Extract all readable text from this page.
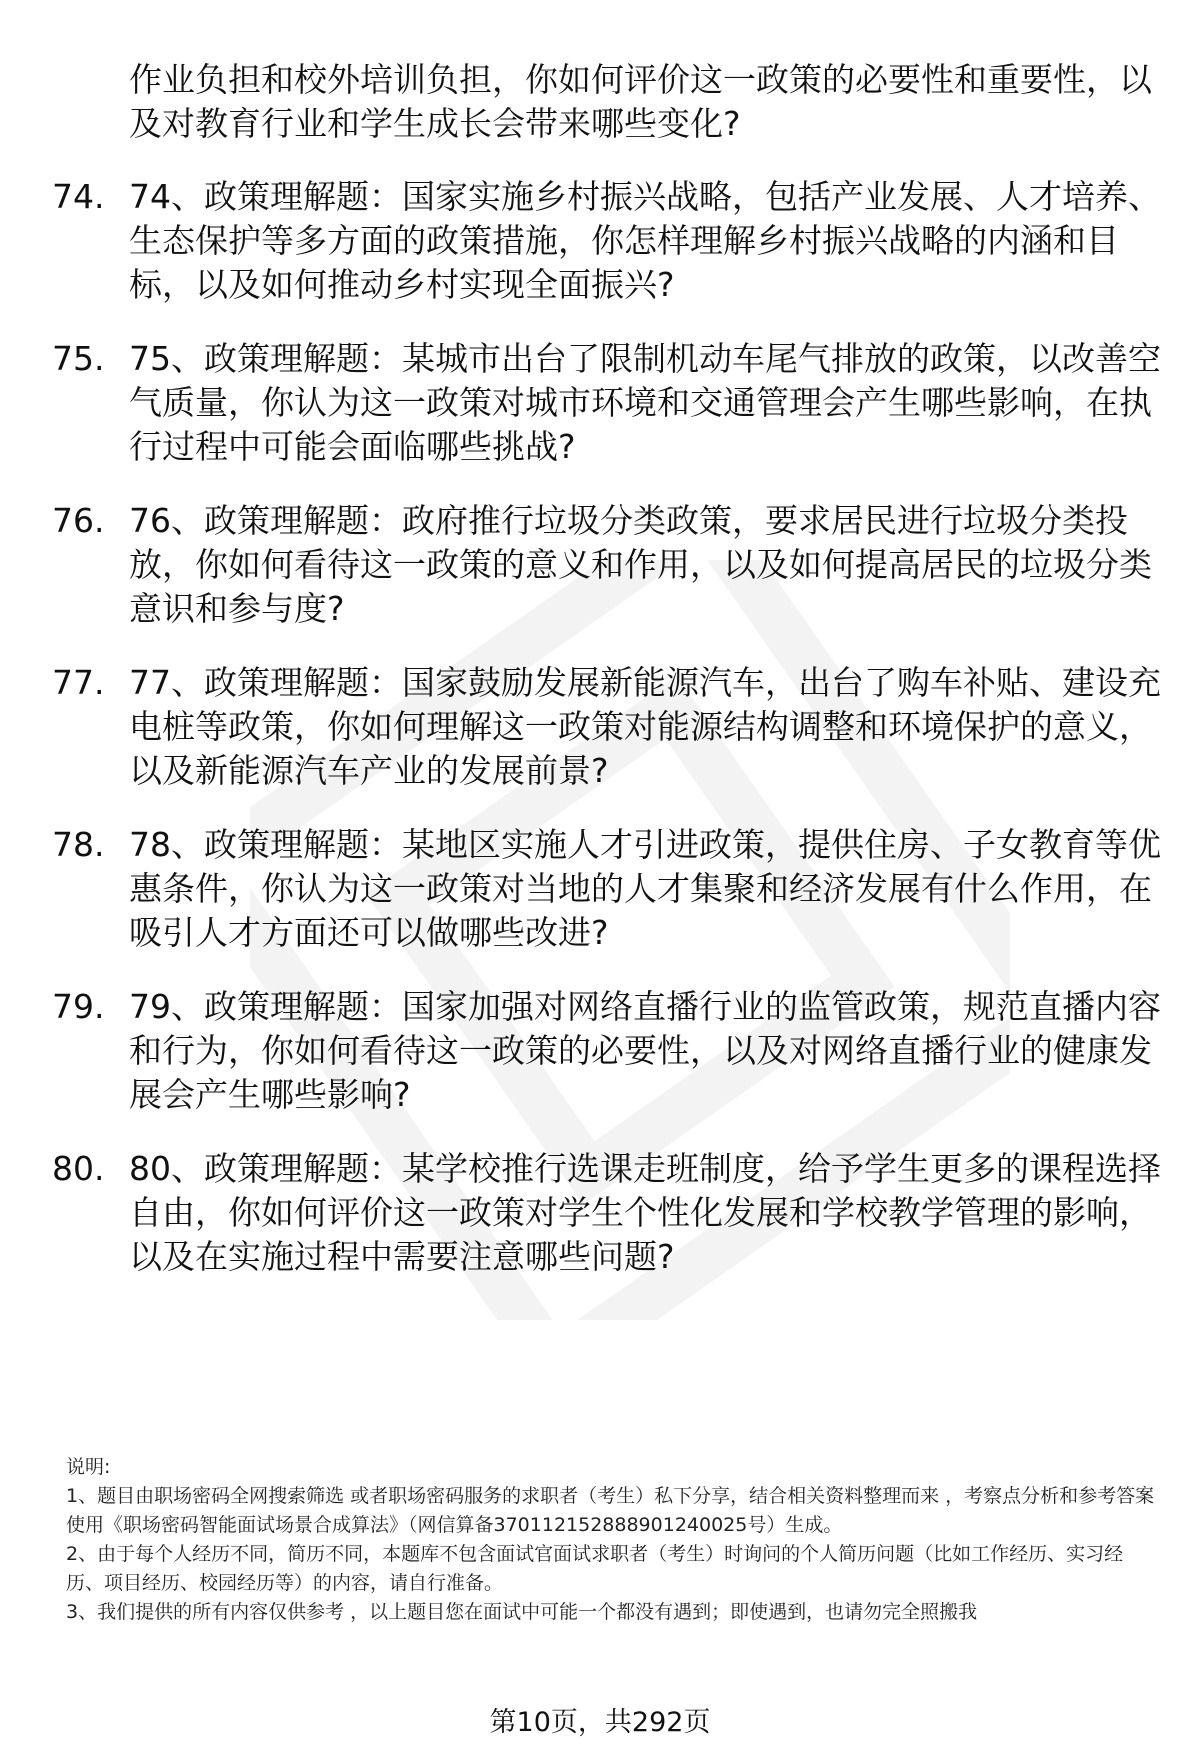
作业负担和校外培训负担，你如何评价这一政策的必要性和重要性，以及对教育行业和学生成长会带来哪些变化?

74. 74、政策理解题：国家实施乡村振兴战略，包括产业发展、人才培养、生态保护等多方面的政策措施，你怎样理解乡村振兴战略的内涵和目标，以及如何推动乡村实现全面振兴?

75. 75、政策理解题：某城市出台了限制机动车尾气排放的政策，以改善空气质量，你认为这一政策对城市环境和交通管理会产生哪些影响，在执行过程中可能会面临哪些挑战?

76. 76、政策理解题：政府推行垃圾分类政策，要求居民进行垃圾分类投放，你如何看待这一政策的意义和作用，以及如何提高居民的垃圾分类意识和参与度?

77. 77、政策理解题：国家鼓励发展新能源汽车，出台了购车补贴、建设充电桩等政策，你如何理解这一政策对能源结构调整和环境保护的意义，以及新能源汽车产业的发展前景?

78. 78、政策理解题：某地区实施人才引进政策，提供住房、子女教育等优惠条件，你认为这一政策对当地的人才集聚和经济发展有什么作用，在吸引人才方面还可以做哪些改进?

79. 79、政策理解题：国家加强对网络直播行业的监管政策，规范直播内容和行为，你如何看待这一政策的必要性，以及对网络直播行业的健康发展会产生哪些影响?

80. 80、政策理解题：某学校推行选课走班制度，给予学生更多的课程选择自由，你如何评价这一政策对学生个性化发展和学校教学管理的影响，以及在实施过程中需要注意哪些问题?

说明:

1、题目由职场密码全网搜索筛选 或者职场密码服务的求职者（考生）私下分享，结合相关资料整理而来 ，考察点分析和参考答案使用《职场密码智能面试场景合成算法》（网信算备370112152888901240025号）生成。

2、由于每个人经历不同，简历不同，本题库不包含面试官面试求职者（考生）时询问的个人简历问题（比如工作经历、实习经历、项目经历、校园经历等）的内容，请自行准备。

3、我们提供的所有内容仅供参考 ，以上题目您在面试中可能一个都没有遇到；即使遇到，也请勿完全照搬我

第10页，共292页
